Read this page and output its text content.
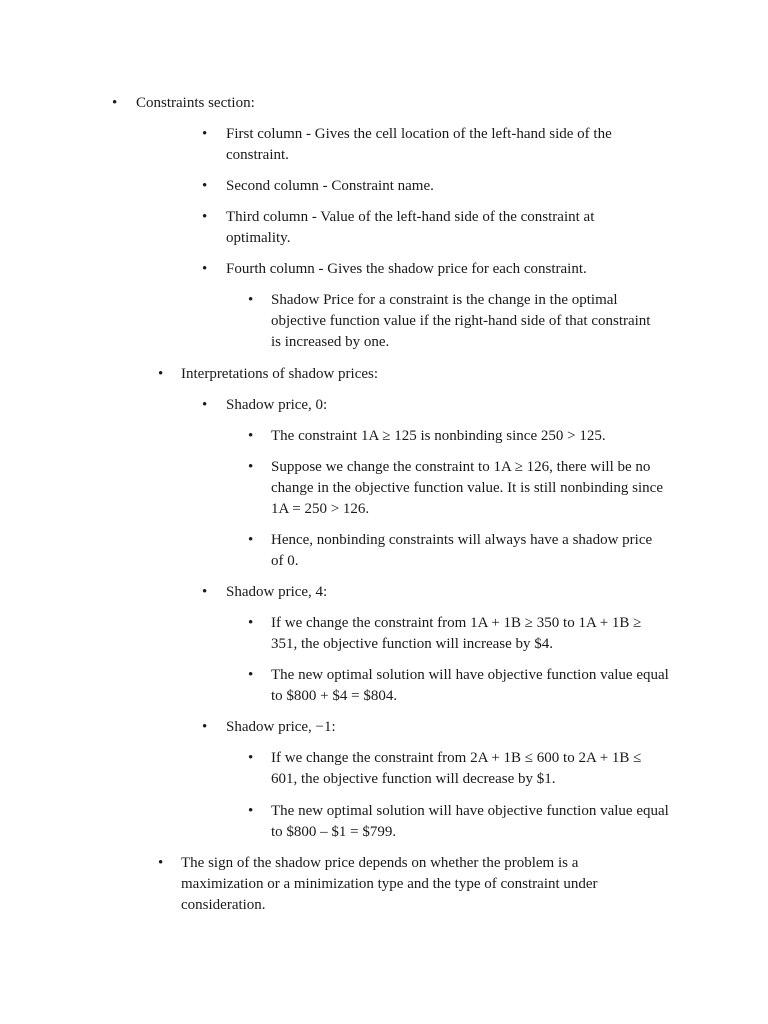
• Constraints section:
• First column - Gives the cell location of the left-hand side of the constraint.
• Second column - Constraint name.
• Third column - Value of the left-hand side of the constraint at optimality.
• Fourth column - Gives the shadow price for each constraint.
• Shadow Price for a constraint is the change in the optimal objective function value if the right-hand side of that constraint is increased by one.
• Interpretations of shadow prices:
• Shadow price, 0:
• The constraint 1A ≥ 125 is nonbinding since 250 > 125.
• Suppose we change the constraint to 1A ≥ 126, there will be no change in the objective function value. It is still nonbinding since 1A = 250 > 126.
• Hence, nonbinding constraints will always have a shadow price of 0.
• Shadow price, 4:
• If we change the constraint from 1A + 1B ≥ 350 to 1A + 1B ≥ 351, the objective function will increase by $4.
• The new optimal solution will have objective function value equal to $800 + $4 = $804.
• Shadow price, −1:
• If we change the constraint from 2A + 1B ≤ 600 to 2A + 1B ≤ 601, the objective function will decrease by $1.
• The new optimal solution will have objective function value equal to $800 – $1 = $799.
• The sign of the shadow price depends on whether the problem is a maximization or a minimization type and the type of constraint under consideration.
